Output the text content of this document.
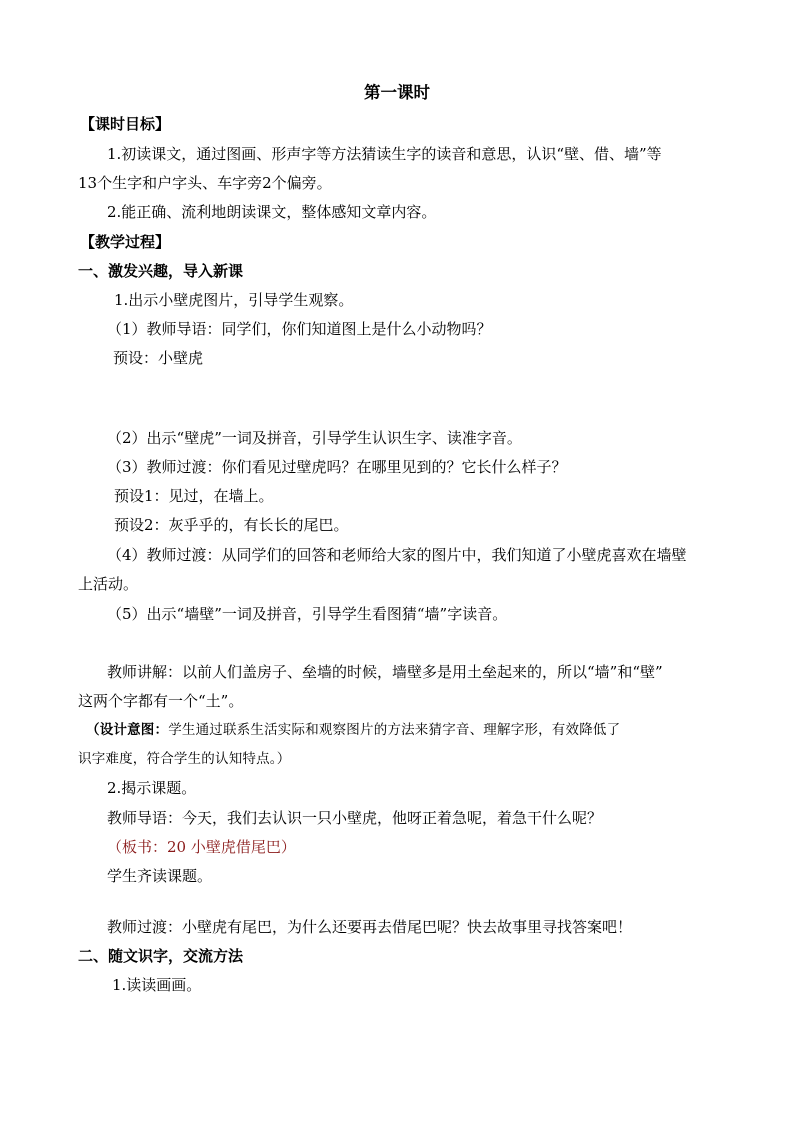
第一课时
【课时目标】
1.初读课文，通过图画、形声字等方法猜读生字的读音和意思，认识“壁、借、墙”等
13个生字和户字头、车字旁2个偏旁。
2.能正确、流利地朗读课文，整体感知文章内容。
【教学过程】
一、激发兴趣，导入新课
1.出示小壁虎图片，引导学生观察。
（1）教师导语：同学们，你们知道图上是什么小动物吗？
预设：小壁虎
（2）出示“壁虎”一词及拼音，引导学生认识生字、读准字音。
（3）教师过渡：你们看见过壁虎吗？在哪里见到的？它长什么样子？
预设1：见过，在墙上。
预设2：灰乎乎的，有长长的尾巴。
（4）教师过渡：从同学们的回答和老师给大家的图片中，我们知道了小壁虎喜欢在墙壁
上活动。
（5）出示“墙壁”一词及拼音，引导学生看图猜“墙”字读音。
教师讲解：以前人们盖房子、垒墙的时候，墙壁多是用土垒起来的，所以“墙”和“壁”
这两个字都有一个“土”。
（设计意图：学生通过联系生活实际和观察图片的方法来猜字音、理解字形，有效降低了
识字难度，符合学生的认知特点。）
2.揭示课题。
教师导语：今天，我们去认识一只小壁虎，他呀正着急呢，着急干什么呢？
（板书：20 小壁虎借尾巴）
学生齐读课题。
教师过渡：小壁虎有尾巴，为什么还要再去借尾巴呢？快去故事里寻找答案吧！
二、随文识字，交流方法
1.读读画画。
